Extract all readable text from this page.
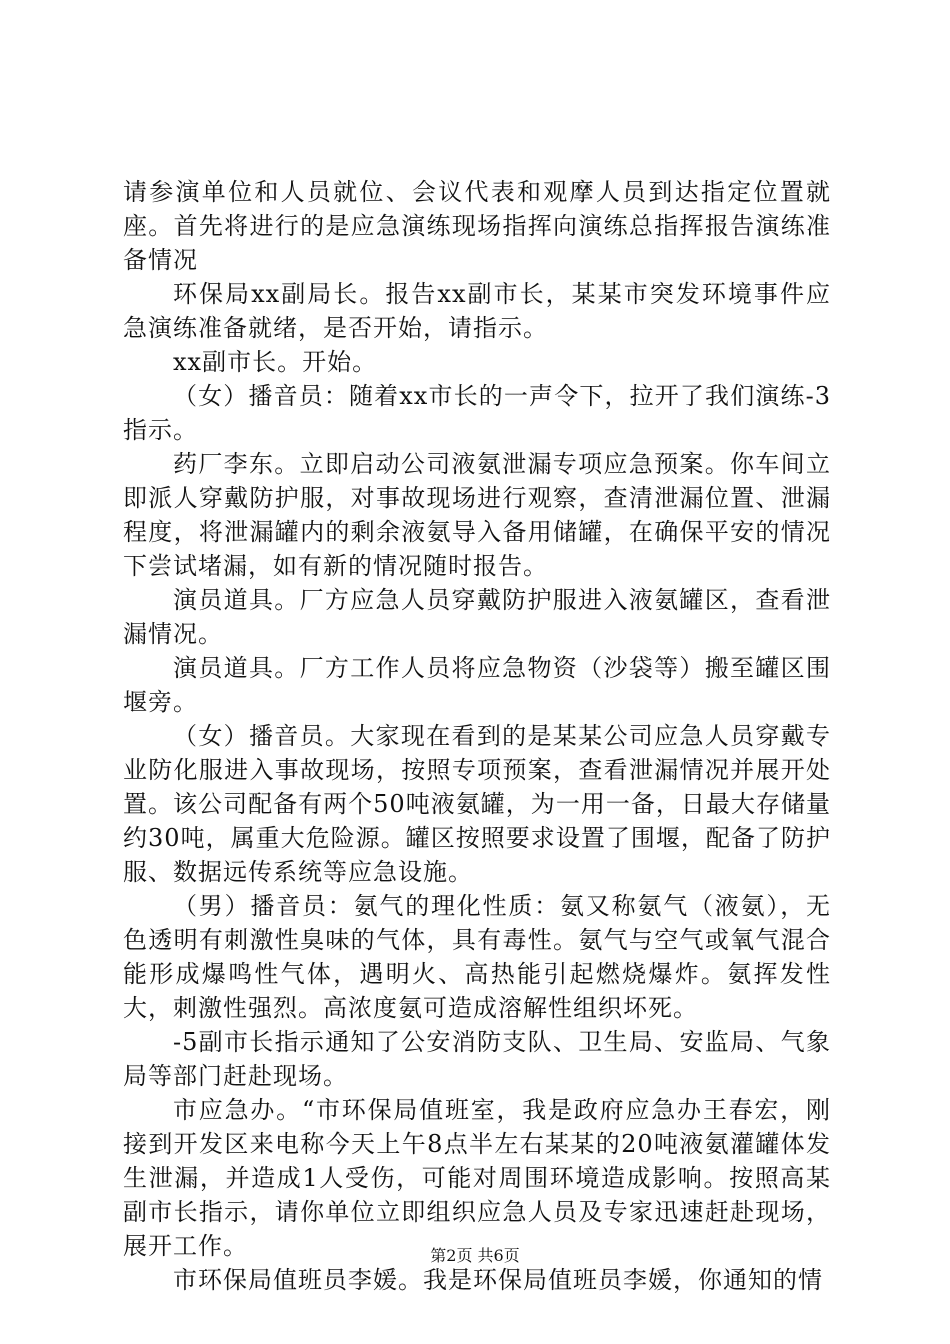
请参演单位和人员就位、会议代表和观摩人员到达指定位置就座。首先将进行的是应急演练现场指挥向演练总指挥报告演练准备情况

环保局xx副局长。报告xx副市长，某某市突发环境事件应急演练准备就绪，是否开始，请指示。

xx副市长。开始。

（女）播音员：随着xx市长的一声令下，拉开了我们演练-3指示。

药厂李东。立即启动公司液氨泄漏专项应急预案。你车间立即派人穿戴防护服，对事故现场进行观察，查清泄漏位置、泄漏程度，将泄漏罐内的剩余液氨导入备用储罐，在确保平安的情况下尝试堵漏，如有新的情况随时报告。

演员道具。厂方应急人员穿戴防护服进入液氨罐区，查看泄漏情况。

演员道具。厂方工作人员将应急物资（沙袋等）搬至罐区围堰旁。

（女）播音员。大家现在看到的是某某公司应急人员穿戴专业防化服进入事故现场，按照专项预案，查看泄漏情况并展开处置。该公司配备有两个50吨液氨罐，为一用一备，日最大存储量约30吨，属重大危险源。罐区按照要求设置了围堰，配备了防护服、数据远传系统等应急设施。

（男）播音员：氨气的理化性质：氨又称氨气（液氨），无色透明有刺激性臭味的气体，具有毒性。氨气与空气或氧气混合能形成爆鸣性气体，遇明火、高热能引起燃烧爆炸。氨挥发性大，刺激性强烈。高浓度氨可造成溶解性组织坏死。

-5副市长指示通知了公安消防支队、卫生局、安监局、气象局等部门赶赴现场。

市应急办。“市环保局值班室，我是政府应急办王春宏，刚接到开发区来电称今天上午8点半左右某某的20吨液氨灌罐体发生泄漏，并造成1人受伤，可能对周围环境造成影响。按照高某副市长指示，请你单位立即组织应急人员及专家迅速赶赴现场，展开工作。

市环保局值班员李媛。我是环保局值班员李媛，你通知的情

第2页 共6页
